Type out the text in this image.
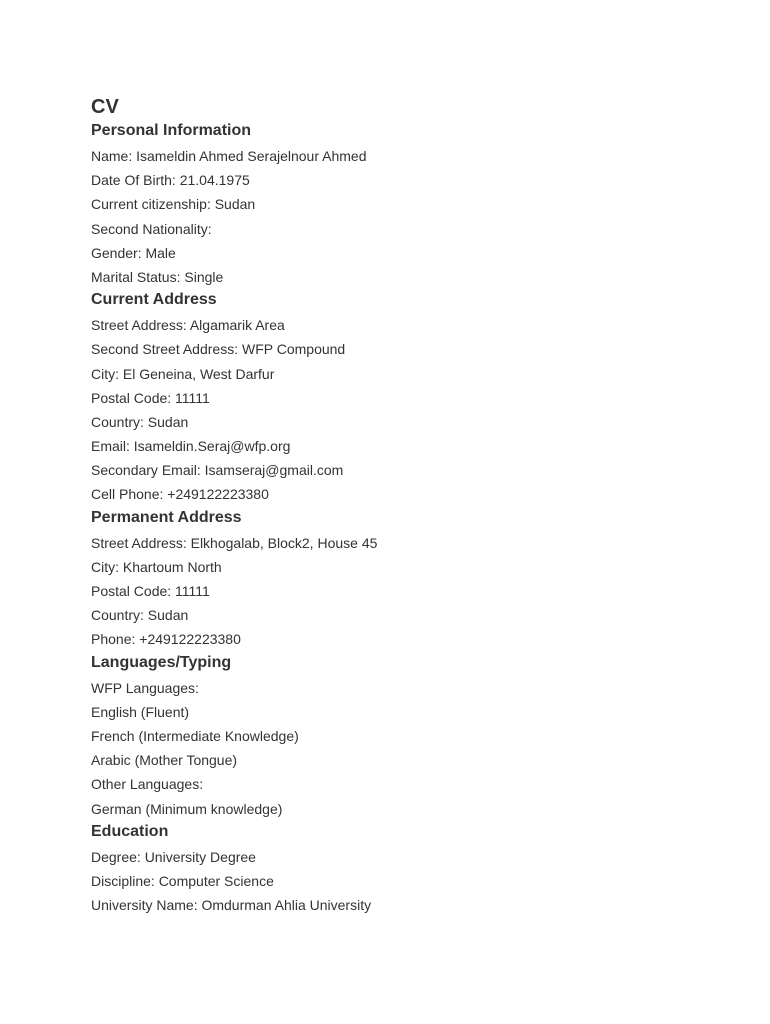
CV
Personal Information
Name: Isameldin Ahmed Serajelnour Ahmed
Date Of Birth: 21.04.1975
Current citizenship: Sudan
Second Nationality:
Gender: Male
Marital Status: Single
Current Address
Street Address: Algamarik Area
Second Street Address: WFP Compound
City: El Geneina, West Darfur
Postal Code: 11111
Country: Sudan
Email: Isameldin.Seraj@wfp.org
Secondary Email: Isamseraj@gmail.com
Cell Phone: +249122223380
Permanent Address
Street Address: Elkhogalab, Block2, House 45
City: Khartoum North
Postal Code: 11111
Country: Sudan
Phone: +249122223380
Languages/Typing
WFP Languages:
English (Fluent)
French (Intermediate Knowledge)
Arabic (Mother Tongue)
Other Languages:
German (Minimum knowledge)
Education
Degree: University Degree
Discipline: Computer Science
University Name: Omdurman Ahlia University
